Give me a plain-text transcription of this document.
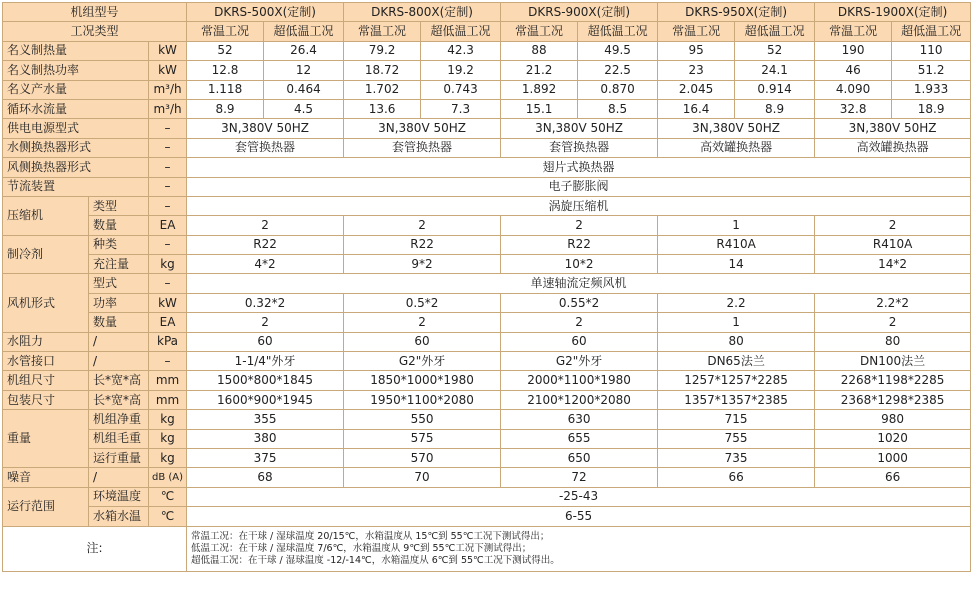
机组型号			DKRS-500X(定制)		DKRS-800X(定制)		DKRS-900X(定制)		DKRS-950X(定制)		DKRS-1900X(定制)	
工况类型			常温工况	超低温工况	常温工况	超低温工况	常温工况	超低温工况	常温工况	超低温工况	常温工况	超低温工况
名义制热量		kW	52	26.4	79.2	42.3	88	49.5	95	52	190	110
名义制热功率		kW	12.8	12	18.72	19.2	21.2	22.5	23	24.1	46	51.2
名义产水量		m³/h	1.118	0.464	1.702	0.743	1.892	0.870	2.045	0.914	4.090	1.933
循环水流量		m³/h	8.9	4.5	13.6	7.3	15.1	8.5	16.4	8.9	32.8	18.9
供电电源型式		–	3N,380V 50HZ		3N,380V 50HZ		3N,380V 50HZ		3N,380V 50HZ		3N,380V 50HZ	
水侧换热器形式		–	套管换热器		套管换热器		套管换热器		高效罐换热器		高效罐换热器	
风侧换热器形式		–	翅片式换热器									
节流装置		–	电子膨胀阀									
压缩机	类型	–	涡旋压缩机									
	数量	EA	2		2		2		1		2	
制冷剂	种类	–	R22		R22		R22		R410A		R410A	
	充注量	kg	4*2		9*2		10*2		14		14*2	
风机形式	型式	–	单速轴流定频风机									
	功率	kW	0.32*2		0.5*2		0.55*2		2.2		2.2*2	
	数量	EA	2		2		2		1		2	
水阻力	/	kPa	60		60		60		80		80	
水管接口	/	–	1-1/4"外牙		G2"外牙		G2"外牙		DN65法兰		DN100法兰	
机组尺寸	长*宽*高	mm	1500*800*1845		1850*1000*1980		2000*1100*1980		1257*1257*2285		2268*1198*2285	
包装尺寸	长*宽*高	mm	1600*900*1945		1950*1100*2080		2100*1200*2080		1357*1357*2385		2368*1298*2385	
重量	机组净重	kg	355		550		630		715		980	
	机组毛重	kg	380		575		655		755		1020	
	运行重量	kg	375		570		650		735		1000	
噪音	/	dB (A)	68		70		72		66		66	
运行范围	环境温度	℃	-25-43									
	水箱水温	℃	6-55									
注:			常温工况：在干球 / 湿球温度 20/15℃，水箱温度从 15℃到 55℃工况下测试得出；
低温工况：在干球 / 湿球温度 7/6℃，水箱温度从 9℃到 55℃工况下测试得出；
超低温工况：在干球 / 湿球温度 -12/-14℃，水箱温度从 6℃到 55℃工况下测试得出。									
